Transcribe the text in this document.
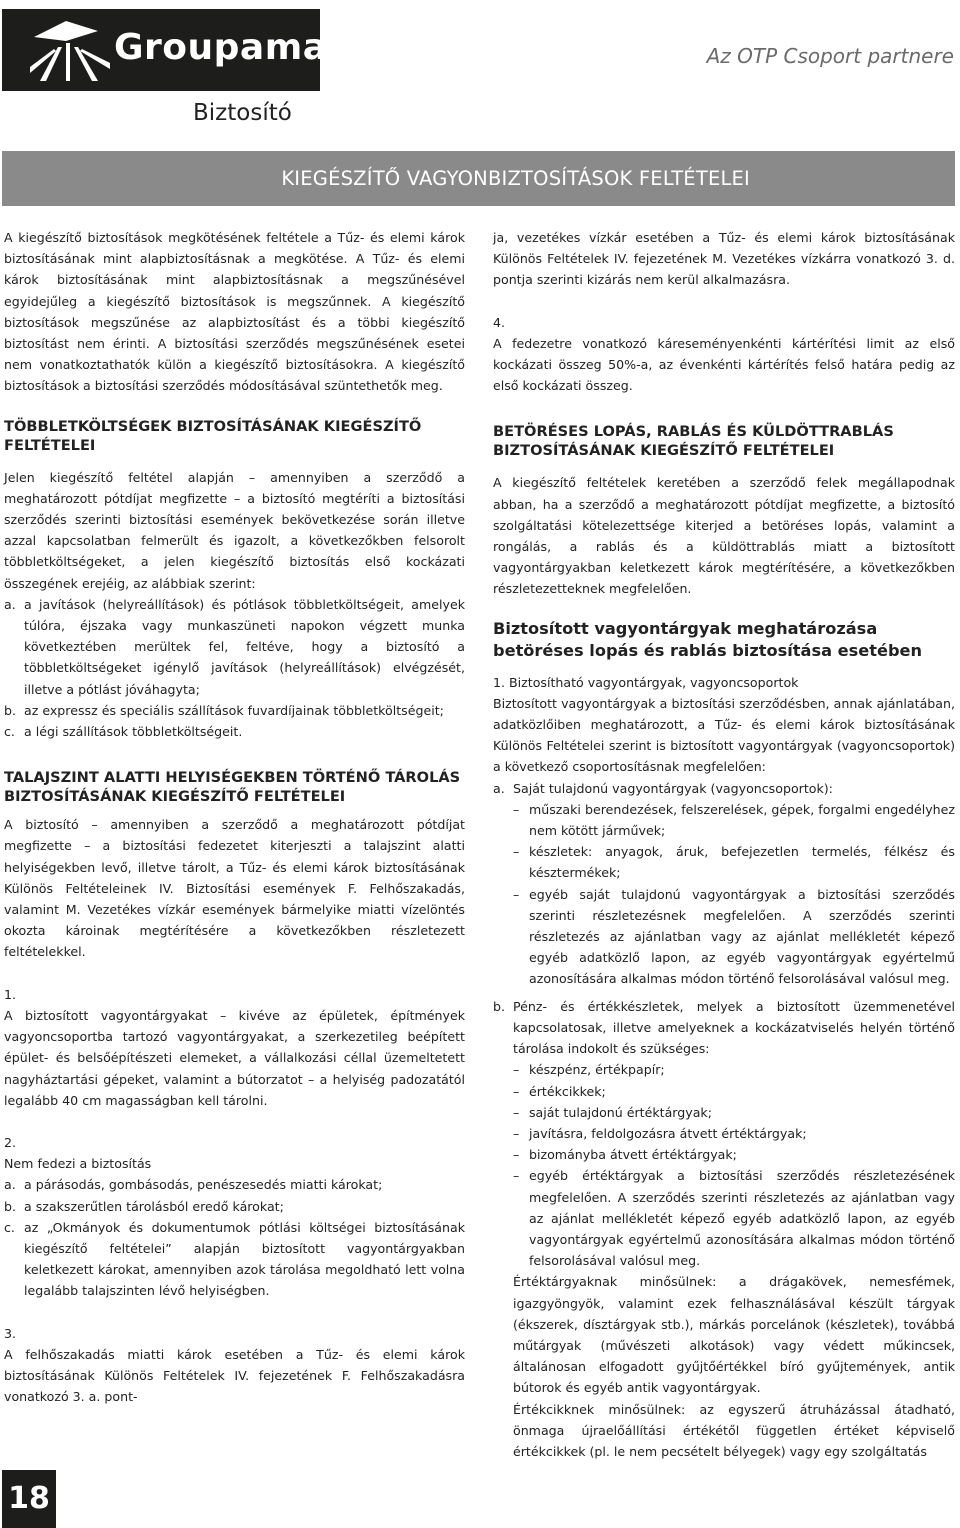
Groupama	Az OTP Csoport partnere
Biztosító
KIEGÉSZÍTŐ VAGYONBIZTOSÍTÁSOK FELTÉTELEI

A kiegészítő biztosítások megkötésének feltétele a Tűz- és elemi károk biztosításának mint alapbiztosításnak a megkötése. A Tűz- és elemi károk biztosításának mint alapbiztosításnak a megszűnésével egyidejűleg a kiegészítő biztosítások is megszűnnek. A kiegészítő biztosítások megszűnése az alapbiztosítást és a többi kiegészítő biztosítást nem érinti. A biztosítási szerződés megszűnésének esetei nem vonatkoztathatók külön a kiegészítő biztosításokra. A kiegészítő biztosítások a biztosítási szerződés módosításával szüntethetők meg.

TÖBBLETKÖLTSÉGEK BIZTOSÍTÁSÁNAK KIEGÉSZÍTŐ FELTÉTELEI

Jelen kiegészítő feltétel alapján – amennyiben a szerződő a meghatározott pótdíjat megfizette – a biztosító megtéríti a biztosítási szerződés szerinti biztosítási események bekövetkezése során illetve azzal kapcsolatban felmerült és igazolt, a következőkben felsorolt többletköltségeket, a jelen kiegészítő biztosítás első kockázati összegének erejéig, az alábbiak szerint:

a. a javítások (helyreállítások) és pótlások többletköltségeit, amelyek túlóra, éjszaka vagy munkaszüneti napokon végzett munka következtében merültek fel, feltéve, hogy a biztosító a többletköltségeket igénylő javítások (helyreállítások) elvégzését, illetve a pótlást jóváhagyta;
b. az expressz és speciális szállítások fuvardíjainak többletköltségeit;
c. a légi szállítások többletköltségeit.

TALAJSZINT ALATTI HELYISÉGEKBEN TÖRTÉNŐ TÁROLÁS BIZTOSÍTÁSÁNAK KIEGÉSZÍTŐ FELTÉTELEI

A biztosító – amennyiben a szerződő a meghatározott pótdíjat megfizette – a biztosítási fedezetet kiterjeszti a talajszint alatti helyiségekben levő, illetve tárolt, a Tűz- és elemi károk biztosításának Különös Feltételeinek IV. Biztosítási események F. Felhőszakadás, valamint M. Vezetékes vízkár események bármelyike miatti vízelöntés okozta károinak megtérítésére a következőkben részletezett feltételekkel.

1.

A biztosított vagyontárgyakat – kivéve az épületek, építmények vagyoncsoportba tartozó vagyontárgyakat, a szerkezetileg beépített épület- és belsőépítészeti elemeket, a vállalkozási céllal üzemeltetett nagyháztartási gépeket, valamint a bútorzatot – a helyiség padozatától legalább 40 cm magasságban kell tárolni.

2.

Nem fedezi a biztosítás

a. a párásodás, gombásodás, penészesedés miatti károkat;
b. a szakszerűtlen tárolásból eredő károkat;
c. az „Okmányok és dokumentumok pótlási költségei biztosításának kiegészítő feltételei” alapján biztosított vagyontárgyakban keletkezett károkat, amennyiben azok tárolása megoldható lett volna legalább talajszinten lévő helyiségben.

3.

A felhőszakadás miatti károk esetében a Tűz- és elemi károk biztosításának Különös Feltételek IV. fejezetének F. Felhőszakadásra vonatkozó 3. a. pont-

ja, vezetékes vízkár esetében a Tűz- és elemi károk biztosításának Különös Feltételek IV. fejezetének M. Vezetékes vízkárra vonatkozó 3. d. pontja szerinti kizárás nem kerül alkalmazásra.

4.

A fedezetre vonatkozó káreseményenkénti kártérítési limit az első kockázati összeg 50%-a, az évenkénti kártérítés felső határa pedig az első kockázati összeg.

BETÖRÉSES LOPÁS, RABLÁS ÉS KÜLDÖTTRABLÁS BIZTOSÍTÁSÁNAK KIEGÉSZÍTŐ FELTÉTELEI

A kiegészítő feltételek keretében a szerződő felek megállapodnak abban, ha a szerződő a meghatározott pótdíjat megfizette, a biztosító szolgáltatási kötelezettsége kiterjed a betöréses lopás, valamint a rongálás, a rablás és a küldöttrablás miatt a biztosított vagyontárgyakban keletkezett károk megtérítésére, a következőkben részletezetteknek megfelelően.

Biztosított vagyontárgyak meghatározása betöréses lopás és rablás biztosítása esetében

1. Biztosítható vagyontárgyak, vagyoncsoportok

Biztosított vagyontárgyak a biztosítási szerződésben, annak ajánlatában, adatközlőiben meghatározott, a Tűz- és elemi károk biztosításának Különös Feltételei szerint is biztosított vagyontárgyak (vagyoncsoportok) a következő csoportosításnak megfelelően:

a. Saját tulajdonú vagyontárgyak (vagyoncsoportok):
– műszaki berendezések, felszerelések, gépek, forgalmi engedélyhez nem kötött járművek;
– készletek: anyagok, áruk, befejezetlen termelés, félkész és késztermékek;
– egyéb saját tulajdonú vagyontárgyak a biztosítási szerződés szerinti részletezésnek megfelelően. A szerződés szerinti részletezés az ajánlatban vagy az ajánlat mellékletét képező egyéb adatközlő lapon, az egyéb vagyontárgyak egyértelmű azonosítására alkalmas módon történő felsorolásával valósul meg.
b. Pénz- és értékkészletek, melyek a biztosított üzemmenetével kapcsolatosak, illetve amelyeknek a kockázatviselés helyén történő tárolása indokolt és szükséges:
– készpénz, értékpapír;
– értékcikkek;
– saját tulajdonú értéktárgyak;
– javításra, feldolgozásra átvett értéktárgyak;
– bizományba átvett értéktárgyak;
– egyéb értéktárgyak a biztosítási szerződés részletezésének megfelelően. A szerződés szerinti részletezés az ajánlatban vagy az ajánlat mellékletét képező egyéb adatközlő lapon, az egyéb vagyontárgyak egyértelmű azonosítására alkalmas módon történő felsorolásával valósul meg.

Értéktárgyaknak minősülnek: a drágakövek, nemesfémek, igazgyöngyök, valamint ezek felhasználásával készült tárgyak (ékszerek, dísztárgyak stb.), márkás porcelánok (készletek), továbbá műtárgyak (művészeti alkotások) vagy védett műkincsek, általánosan elfogadott gyűjtőértékkel bíró gyűjtemények, antik bútorok és egyéb antik vagyontárgyak.

Értékcikknek minősülnek: az egyszerű átruházással átadható, önmaga újraelőállítási értékétől független értéket képviselő értékcikkek (pl. le nem pecsételt bélyegek) vagy egy szolgáltatás

18
